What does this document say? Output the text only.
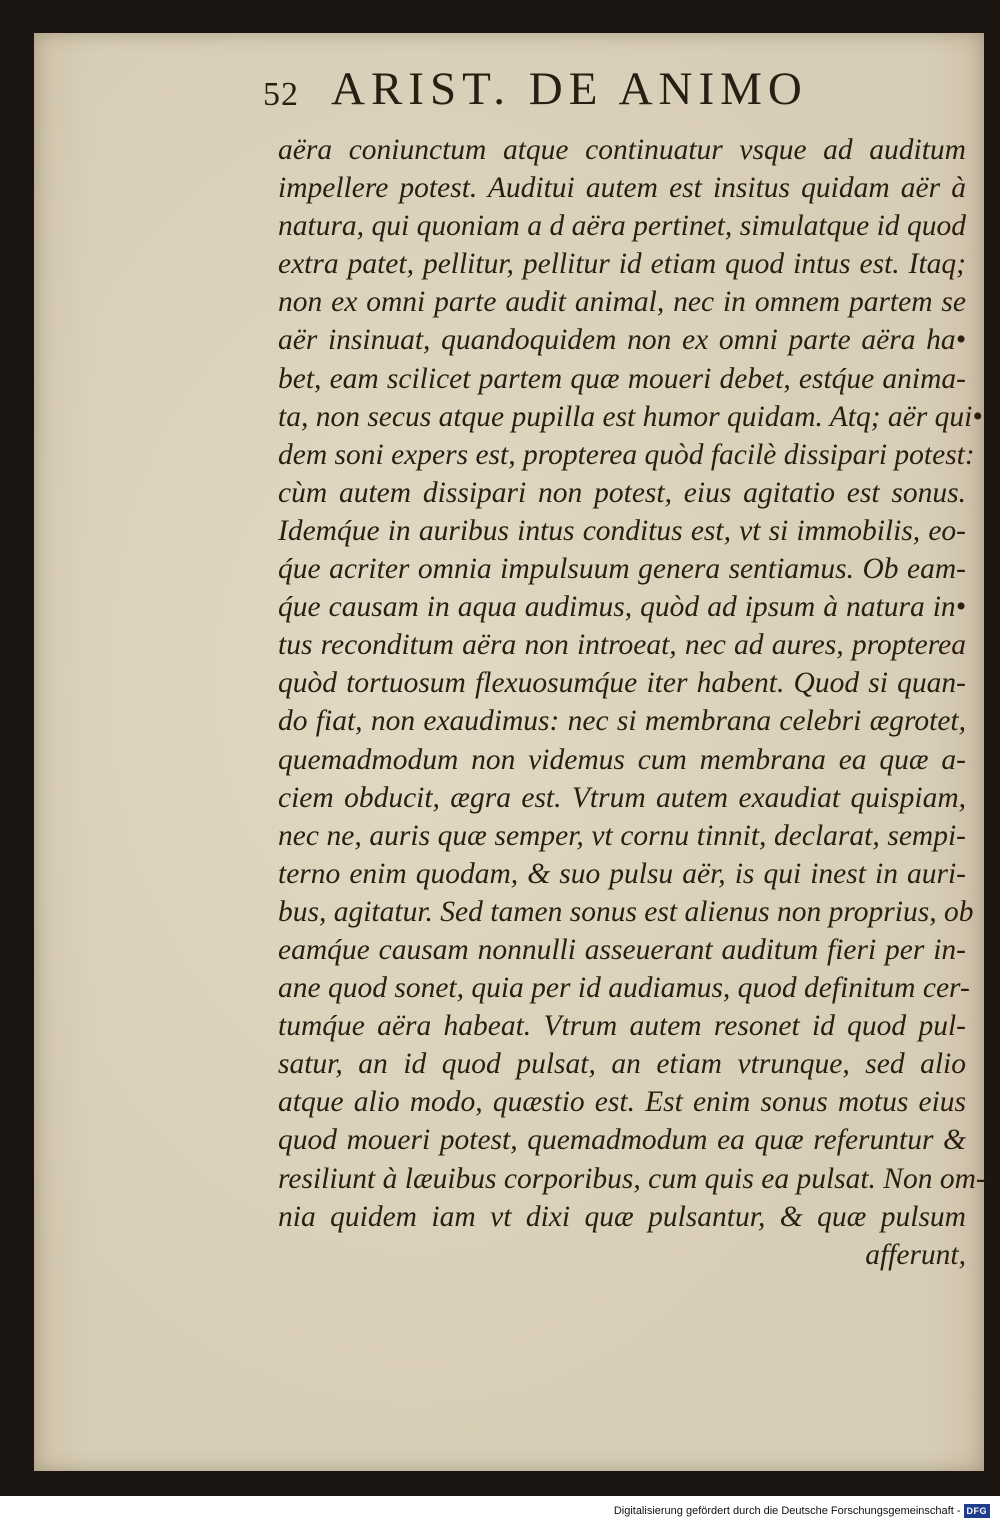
52 ARIST. DE ANIMO
aëra coniunctum atque continuatur vsque ad auditum
impellere potest. Auditui autem est insitus quidam aër à
natura, qui quoniam a d aëra pertinet, simulatque id quod
extra patet, pellitur, pellitur id etiam quod intus est. Itaq;
non ex omni parte audit animal, nec in omnem partem se
aër insinuat, quandoquidem non ex omni parte aëra ha•
bet, eam scilicet partem quæ moueri debet, estq́ue anima-
ta, non secus atque pupilla est humor quidam. Atq; aër qui•
dem soni expers est, propterea quòd facilè dissipari potest:
cùm autem dissipari non potest, eius agitatio est sonus.
Idemq́ue in auribus intus conditus est, vt si immobilis, eo-
q́ue acriter omnia impulsuum genera sentiamus. Ob eam-
q́ue causam in aqua audimus, quòd ad ipsum à natura in•
tus reconditum aëra non introeat, nec ad aures, propterea
quòd tortuosum flexuosumq́ue iter habent. Quod si quan-
do fiat, non exaudimus: nec si membrana celebri ægrotet,
quemadmodum non videmus cum membrana ea quæ a-
ciem obducit, ægra est. Vtrum autem exaudiat quispiam,
nec ne, auris quæ semper, vt cornu tinnit, declarat, sempi-
terno enim quodam, & suo pulsu aër, is qui inest in auri-
bus, agitatur. Sed tamen sonus est alienus non proprius, ob
eamq́ue causam nonnulli asseuerant auditum fieri per in-
ane quod sonet, quia per id audiamus, quod definitum cer-
tumq́ue aëra habeat. Vtrum autem resonet id quod pul-
satur, an id quod pulsat, an etiam vtrunque, sed alio
atque alio modo, quæstio est. Est enim sonus motus eius
quod moueri potest, quemadmodum ea quæ referuntur &
resiliunt à læuibus corporibus, cum quis ea pulsat. Non om-
nia quidem iam vt dixi quæ pulsantur, & quæ pulsum
afferunt,
Digitalisierung gefördert durch die Deutsche Forschungsgemeinschaft - DFG
